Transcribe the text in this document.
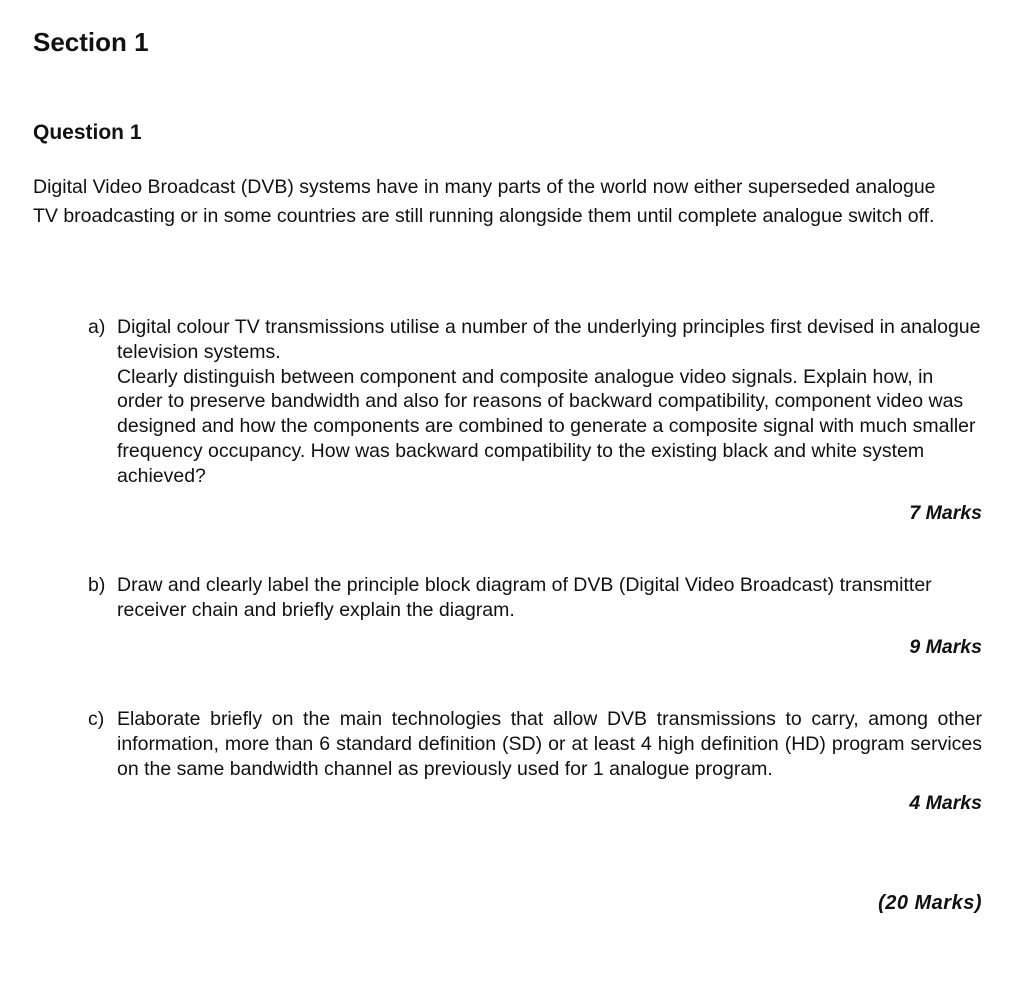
Section 1
Question 1

Digital Video Broadcast (DVB) systems have in many parts of the world now either superseded analogue TV broadcasting or in some countries are still running alongside them until complete analogue switch off.

a) Digital colour TV transmissions utilise a number of the underlying principles first devised in analogue television systems.

Clearly distinguish between component and composite analogue video signals. Explain how, in order to preserve bandwidth and also for reasons of backward compatibility, component video was designed and how the components are combined to generate a composite signal with much smaller frequency occupancy. How was backward compatibility to the existing black and white system achieved?

7 Marks
b) Draw and clearly label the principle block diagram of DVB (Digital Video Broadcast) transmitter receiver chain and briefly explain the diagram.

9 Marks
c) Elaborate briefly on the main technologies that allow DVB transmissions to carry, among other information, more than 6 standard definition (SD) or at least 4 high definition (HD) program services on the same bandwidth channel as previously used for 1 analogue program.

4 Marks
(20 Marks)
